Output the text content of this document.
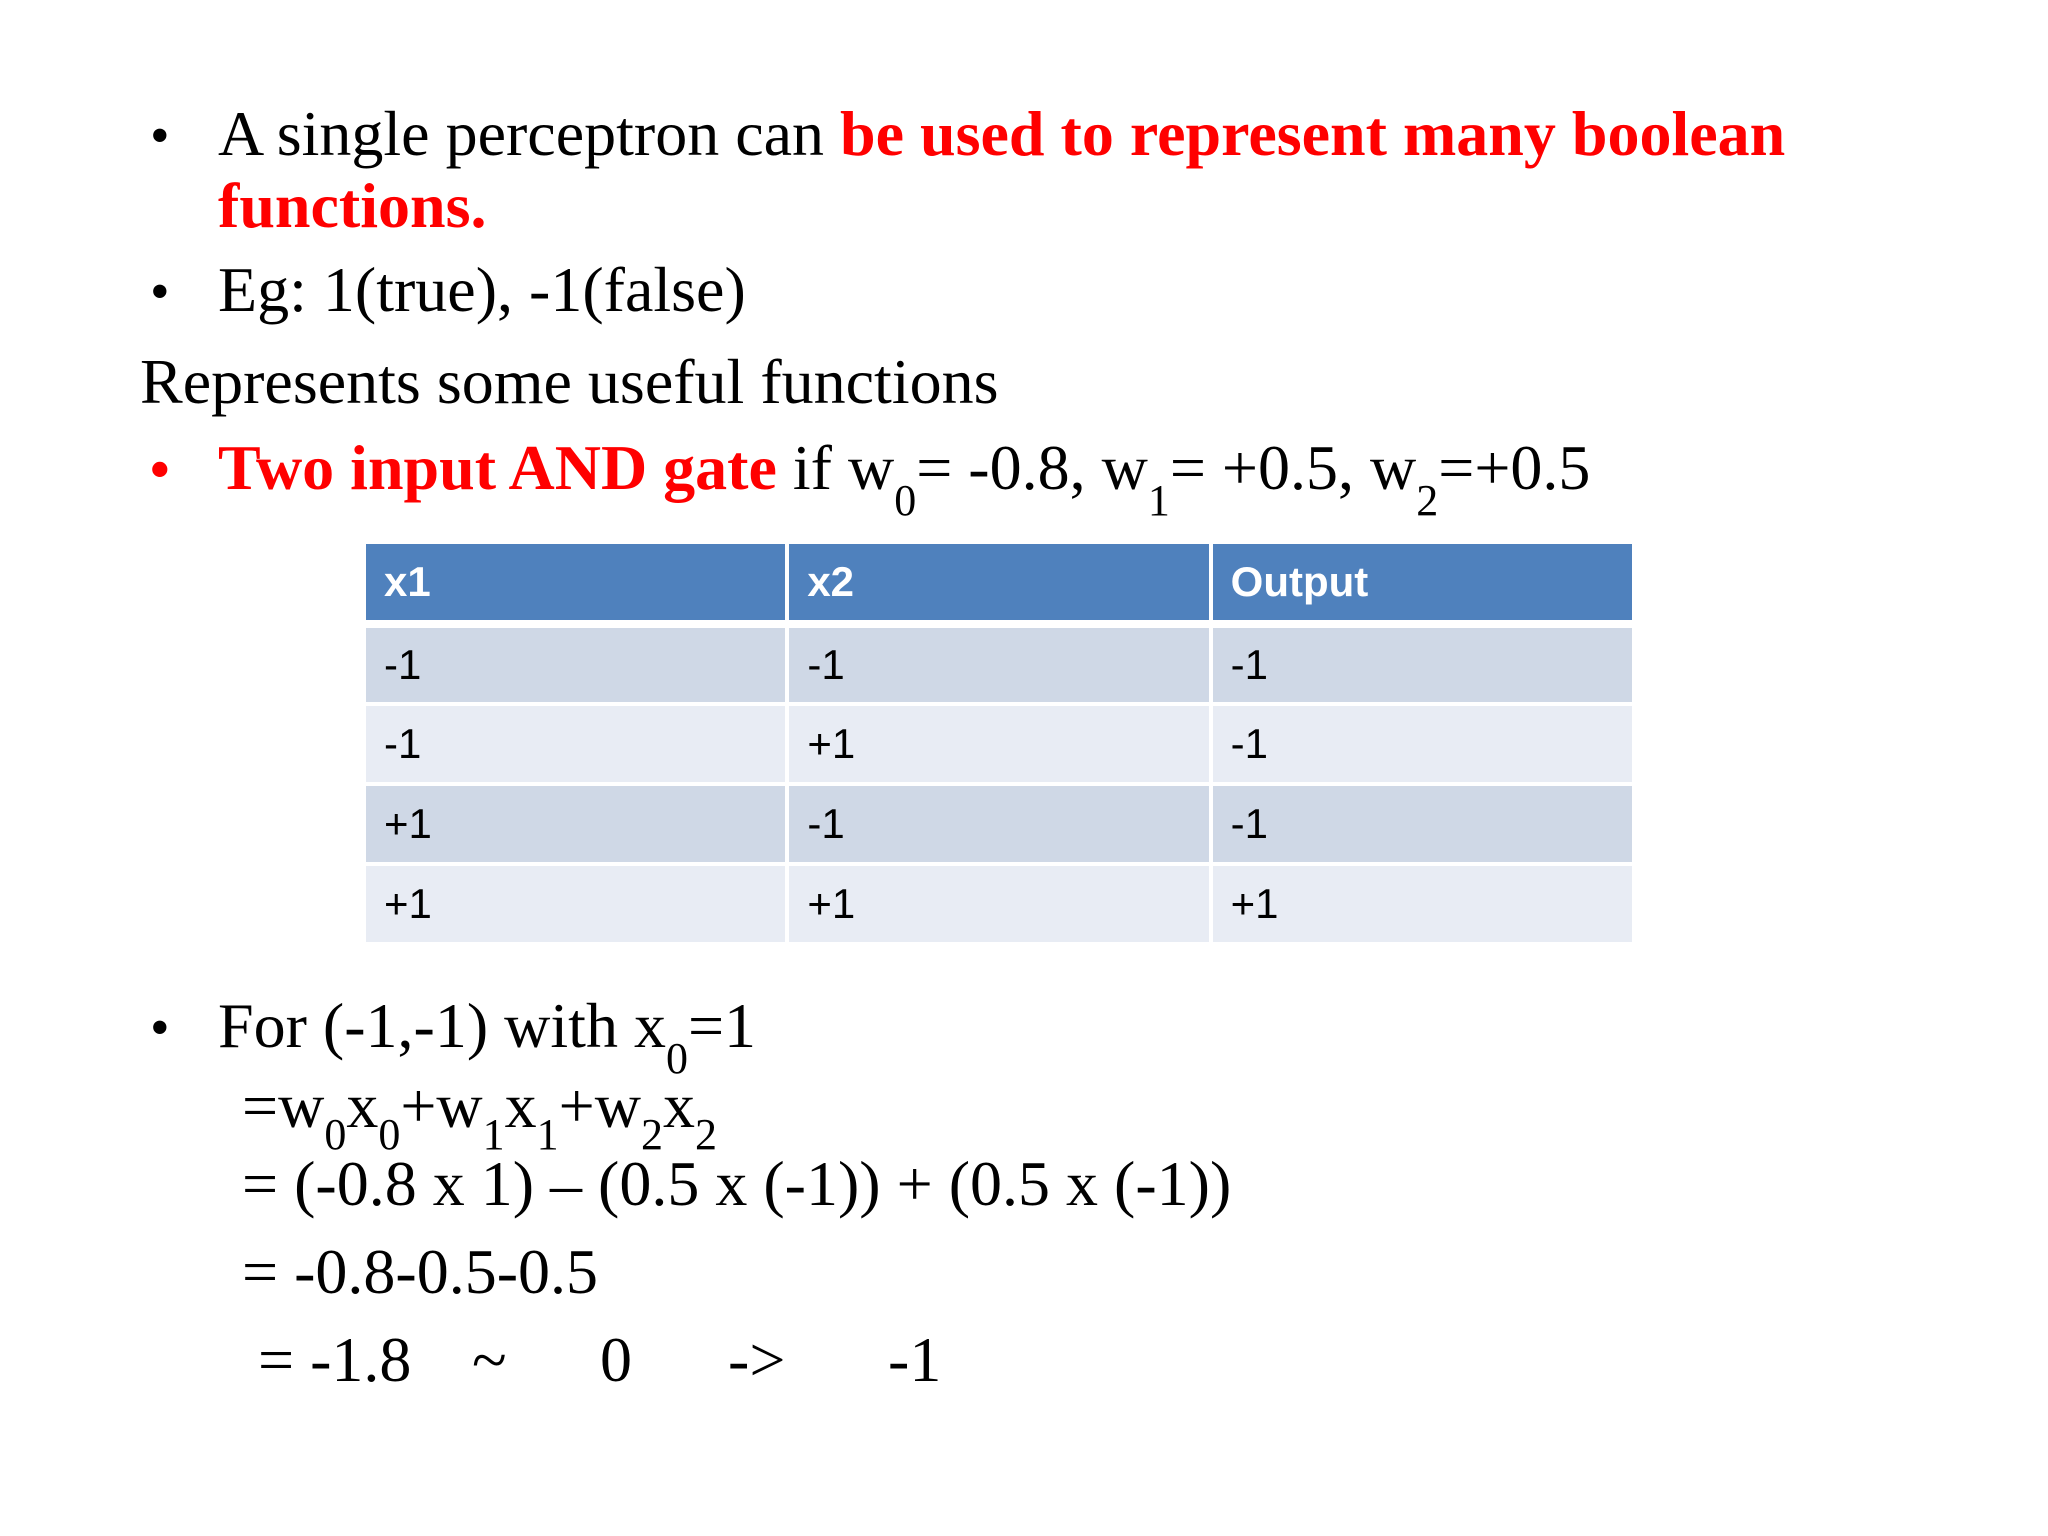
• A single perceptron can be used to represent many boolean
functions.
• Eg: 1(true), -1(false)
Represents some useful functions
• Two input AND gate if $w_0= -0.8$, $w_1= +0.5$, $w_2=+0.5$
x1	x2	Output
-1	-1	-1
-1	+1	-1
+1	-1	-1
+1	+1	+1
• For (-1,-1) with $x_0=1$
$=w_0x_0+w_1x_1+w_2x_2$
= (-0.8 x 1) – (0.5 x (-1)) + (0.5 x (-1))
= -0.8-0.5-0.5
= -1.8 ~ 0 -> -1
